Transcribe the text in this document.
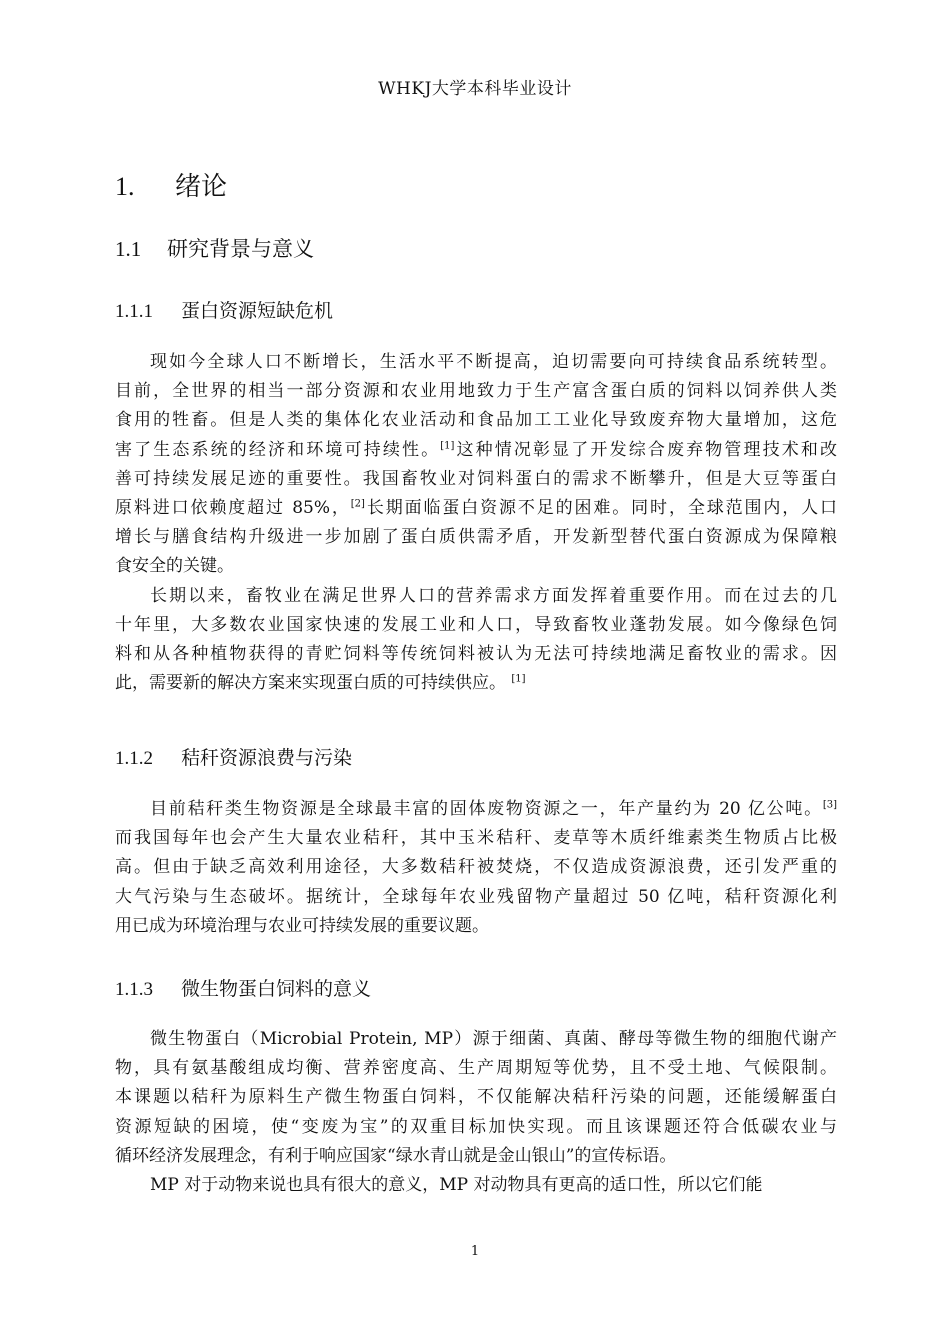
WHKJ大学本科毕业设计
1. 绪论
1.1 研究背景与意义
1.1.1 蛋白资源短缺危机
现如今全球人口不断增长，生活水平不断提高，迫切需要向可持续食品系统转型。
目前，全世界的相当一部分资源和农业用地致力于生产富含蛋白质的饲料以饲养供人类
食用的牲畜。但是人类的集体化农业活动和食品加工工业化导致废弃物大量增加，这危
害了生态系统的经济和环境可持续性。[1]这种情况彰显了开发综合废弃物管理技术和改
善可持续发展足迹的重要性。我国畜牧业对饲料蛋白的需求不断攀升，但是大豆等蛋白
原料进口依赖度超过 85%，[2]长期面临蛋白资源不足的困难。同时，全球范围内，人口
增长与膳食结构升级进一步加剧了蛋白质供需矛盾，开发新型替代蛋白资源成为保障粮
食安全的关键。
长期以来，畜牧业在满足世界人口的营养需求方面发挥着重要作用。而在过去的几
十年里，大多数农业国家快速的发展工业和人口，导致畜牧业蓬勃发展。如今像绿色饲
料和从各种植物获得的青贮饲料等传统饲料被认为无法可持续地满足畜牧业的需求。因
此，需要新的解决方案来实现蛋白质的可持续供应。 [1]
1.1.2 秸秆资源浪费与污染
目前秸秆类生物资源是全球最丰富的固体废物资源之一，年产量约为 20 亿公吨。[3]
而我国每年也会产生大量农业秸秆，其中玉米秸秆、麦草等木质纤维素类生物质占比极
高。但由于缺乏高效利用途径，大多数秸秆被焚烧，不仅造成资源浪费，还引发严重的
大气污染与生态破坏。据统计，全球每年农业残留物产量超过 50 亿吨，秸秆资源化利
用已成为环境治理与农业可持续发展的重要议题。
1.1.3 微生物蛋白饲料的意义
微生物蛋白（Microbial Protein, MP）源于细菌、真菌、酵母等微生物的细胞代谢产
物，具有氨基酸组成均衡、营养密度高、生产周期短等优势，且不受土地、气候限制。
本课题以秸秆为原料生产微生物蛋白饲料，不仅能解决秸秆污染的问题，还能缓解蛋白
资源短缺的困境，使“变废为宝”的双重目标加快实现。而且该课题还符合低碳农业与
循环经济发展理念，有利于响应国家“绿水青山就是金山银山”的宣传标语。
MP 对于动物来说也具有很大的意义，MP 对动物具有更高的适口性，所以它们能
1
